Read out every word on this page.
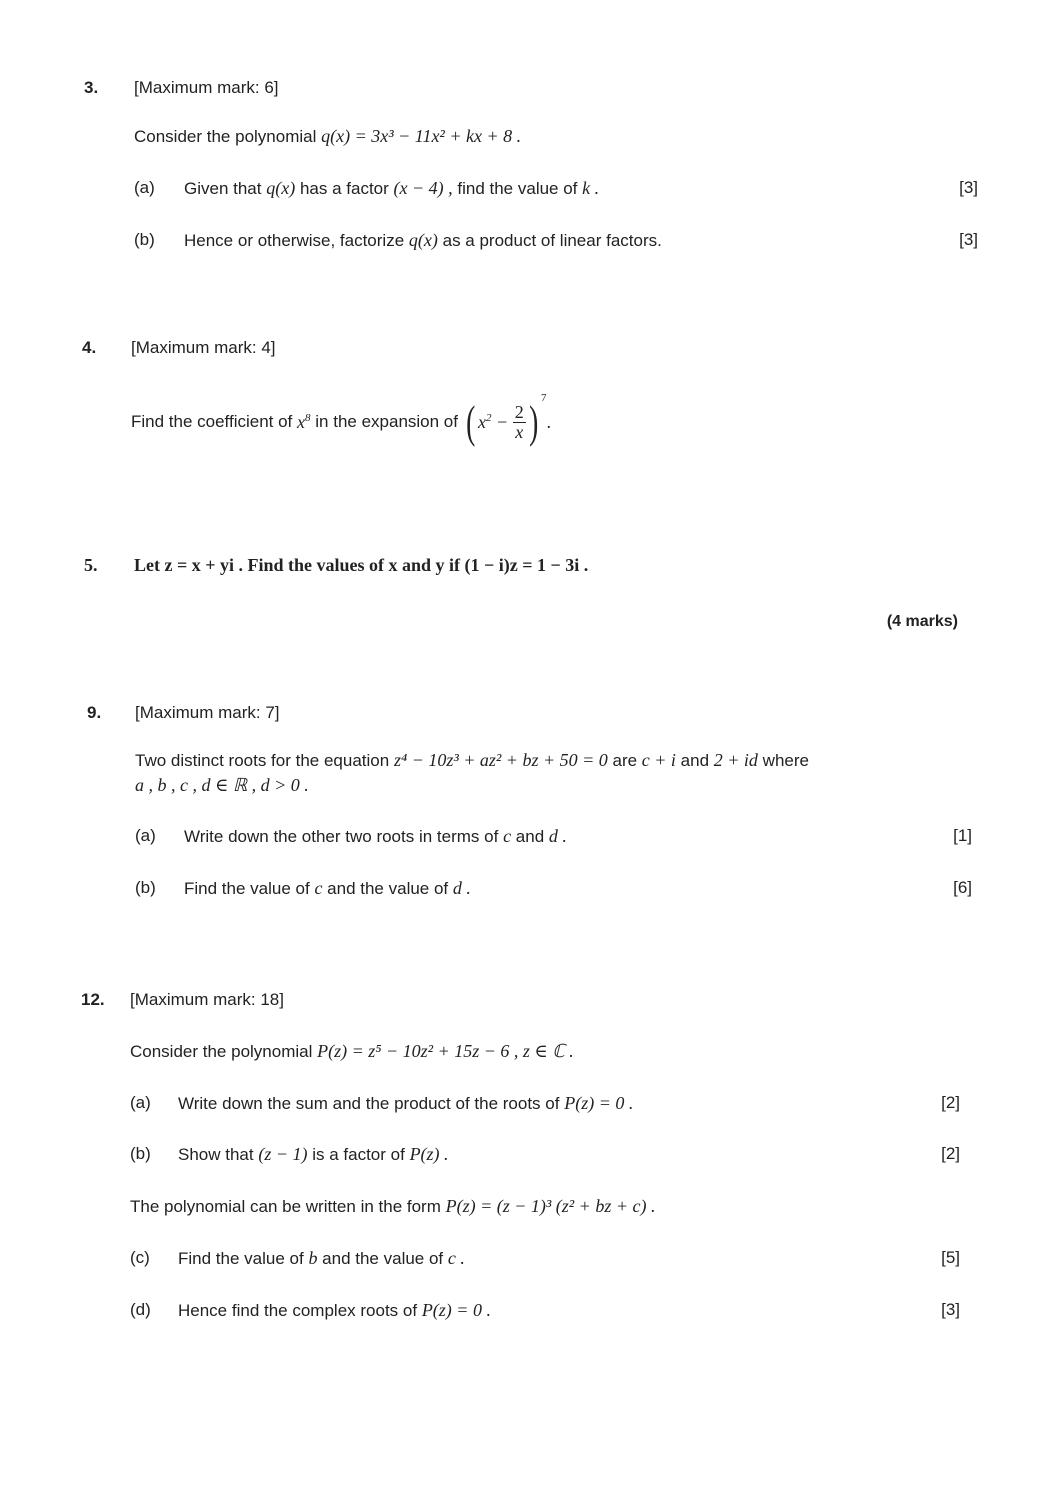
3. [Maximum mark: 6]
Consider the polynomial q(x) = 3x³ − 11x² + kx + 8 .
(a) Given that q(x) has a factor (x − 4) , find the value of k .	[3]
(b) Hence or otherwise, factorize q(x) as a product of linear factors.	[3]
4. [Maximum mark: 4]
Find the coefficient of
$x^8$
in the expansion of
( $x^2 - \frac{2}{x}$ ) 7
.
5. Let z = x + yi . Find the values of x and y if (1 − i)z = 1 − 3i .
(4 marks)
9. [Maximum mark: 7]
Two distinct roots for the equation z⁴ − 10z³ + az² + bz + 50 = 0 are c + i and 2 + id where
a , b , c , d ∈ ℝ , d > 0 .
(a) Write down the other two roots in terms of c and d .	[1]
(b) Find the value of c and the value of d .	[6]
12. [Maximum mark: 18]
Consider the polynomial P(z) = z⁵ − 10z² + 15z − 6 , z ∈ ℂ .
(a) Write down the sum and the product of the roots of P(z) = 0 .	[2]
(b) Show that (z − 1) is a factor of P(z) .	[2]
The polynomial can be written in the form P(z) = (z − 1)³ (z² + bz + c) .
(c) Find the value of b and the value of c .	[5]
(d) Hence find the complex roots of P(z) = 0 .	[3]
